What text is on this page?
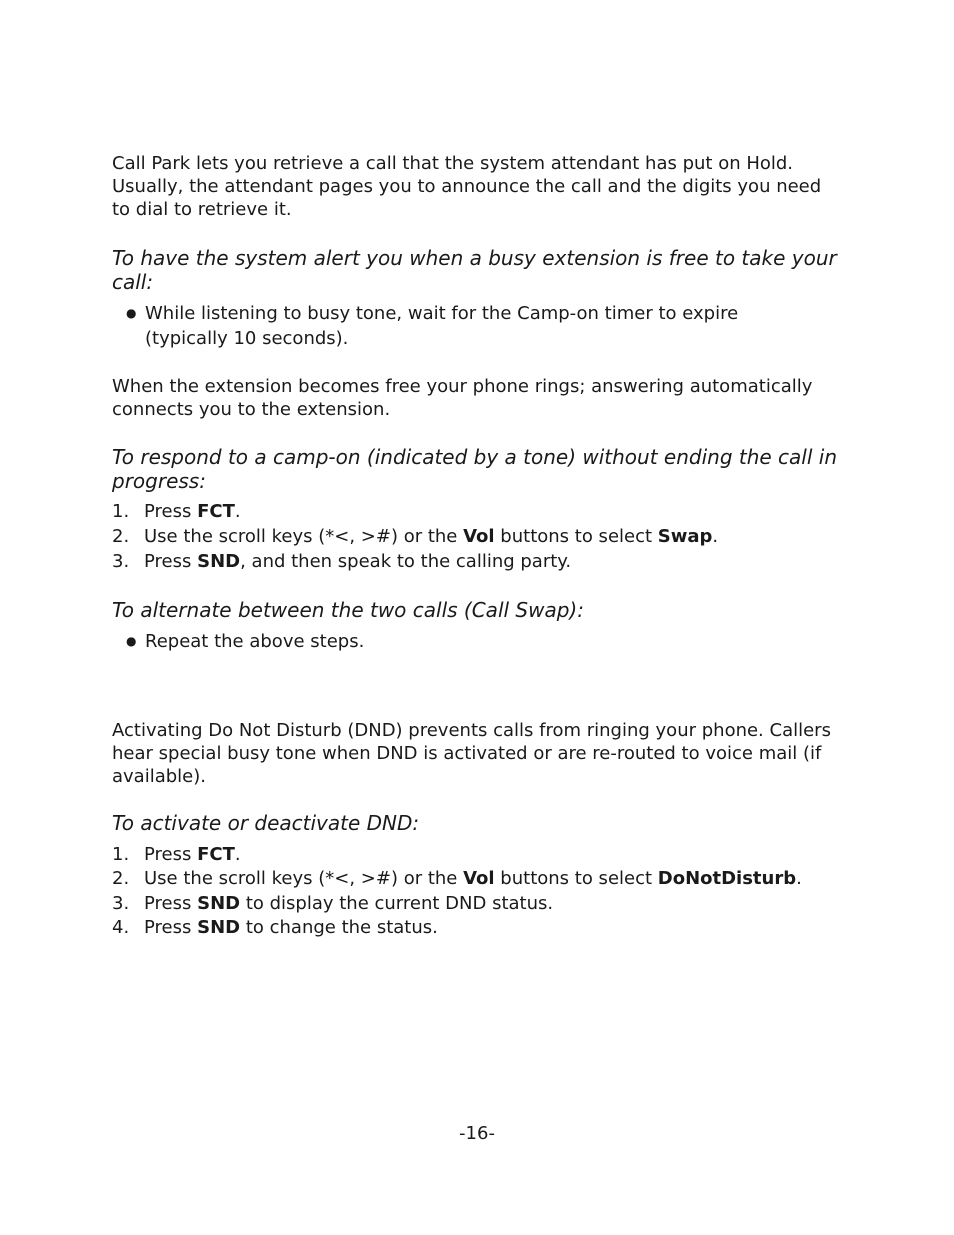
Call Park lets you retrieve a call that the system attendant has put on Hold. Usually, the attendant pages you to announce the call and the digits you need to dial to retrieve it.

To have the system alert you when a busy extension is free to take your call:

● While listening to busy tone, wait for the Camp-on timer to expire (typically 10 seconds).

When the extension becomes free your phone rings; answering automatically connects you to the extension.

To respond to a camp-on (indicated by a tone) without ending the call in progress:

1. Press FCT.
2. Use the scroll keys (*<, >#) or the Vol buttons to select Swap.
3. Press SND, and then speak to the calling party.

To alternate between the two calls (Call Swap):

● Repeat the above steps.

Activating Do Not Disturb (DND) prevents calls from ringing your phone. Callers hear special busy tone when DND is activated or are re-routed to voice mail (if available).

To activate or deactivate DND:

1. Press FCT.
2. Use the scroll keys (*<, >#) or the Vol buttons to select DoNotDisturb.
3. Press SND to display the current DND status.
4. Press SND to change the status.
-16-
